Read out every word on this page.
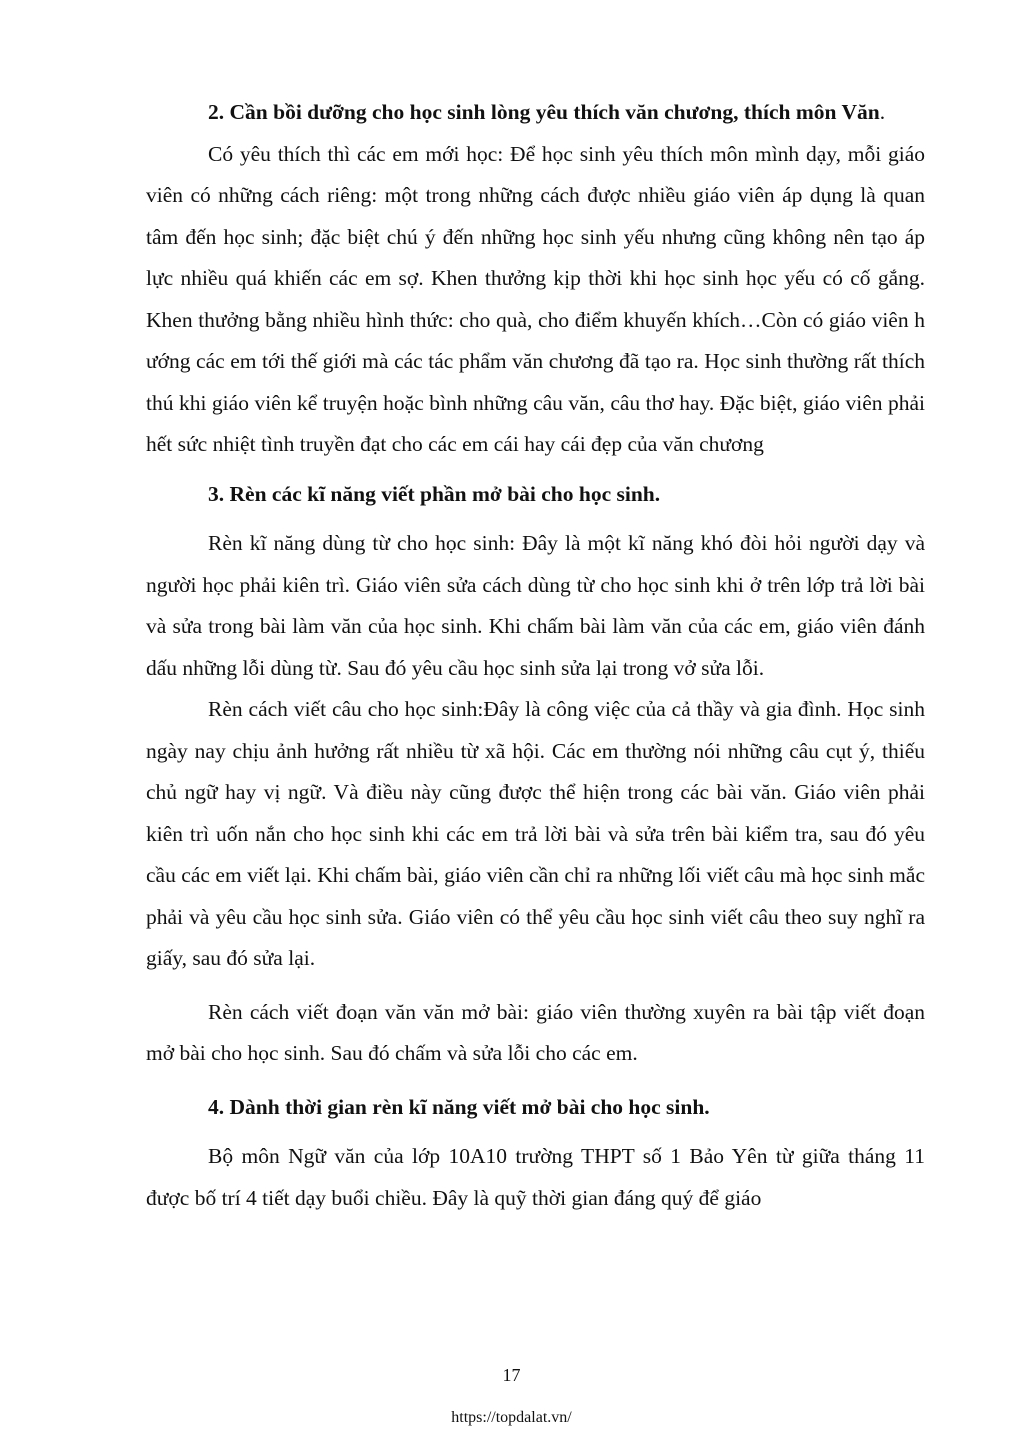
2. Cần bồi dưỡng cho học sinh lòng yêu thích văn chương, thích môn Văn.

Có yêu thích thì các em mới học: Để học sinh yêu thích môn mình dạy, mỗi giáo viên có những cách riêng: một trong những cách được nhiều giáo viên áp dụng là quan tâm đến học sinh; đặc biệt chú ý đến những học sinh yếu nhưng cũng không nên tạo áp lực nhiều quá khiến các em sợ. Khen thưởng kịp thời khi học sinh học yếu có cố gắng. Khen thưởng bằng nhiều hình thức: cho quà, cho điểm khuyến khích…Còn có giáo viên h ướng các em tới thế giới mà các tác phẩm văn chương đã tạo ra. Học sinh thường rất thích thú khi giáo viên kể truyện hoặc bình những câu văn, câu thơ hay. Đặc biệt, giáo viên phải hết sức nhiệt tình truyền đạt cho các em cái hay cái đẹp của văn chương

3. Rèn các kĩ năng viết phần mở bài cho học sinh.

Rèn kĩ năng dùng từ cho học sinh: Đây là một kĩ năng khó đòi hỏi người dạy và người học phải kiên trì. Giáo viên sửa cách dùng từ cho học sinh khi ở trên lớp trả lời bài và sửa trong bài làm văn của học sinh. Khi chấm bài làm văn của các em, giáo viên đánh dấu những lỗi dùng từ. Sau đó yêu cầu học sinh sửa lại trong vở sửa lỗi.

Rèn cách viết câu cho học sinh:Đây là công việc của cả thầy và gia đình. Học sinh ngày nay chịu ảnh hưởng rất nhiều từ xã hội. Các em thường nói những câu cụt ý, thiếu chủ ngữ hay vị ngữ. Và điều này cũng được thể hiện trong các bài văn. Giáo viên phải kiên trì uốn nắn cho học sinh khi các em trả lời bài và sửa trên bài kiểm tra, sau đó yêu cầu các em viết lại. Khi chấm bài, giáo viên cần chỉ ra những lối viết câu mà học sinh mắc phải và yêu cầu học sinh sửa. Giáo viên có thể yêu cầu học sinh viết câu theo suy nghĩ ra giấy, sau đó sửa lại.

Rèn cách viết đoạn văn văn mở bài: giáo viên thường xuyên ra bài tập viết đoạn mở bài cho học sinh. Sau đó chấm và sửa lỗi cho các em.

4. Dành thời gian rèn kĩ năng viết mở bài cho học sinh.

Bộ môn Ngữ văn của lớp 10A10 trường THPT số 1 Bảo Yên từ giữa tháng 11 được bố trí 4 tiết dạy buổi chiều. Đây là quỹ thời gian đáng quý để giáo

17
https://topdalat.vn/
